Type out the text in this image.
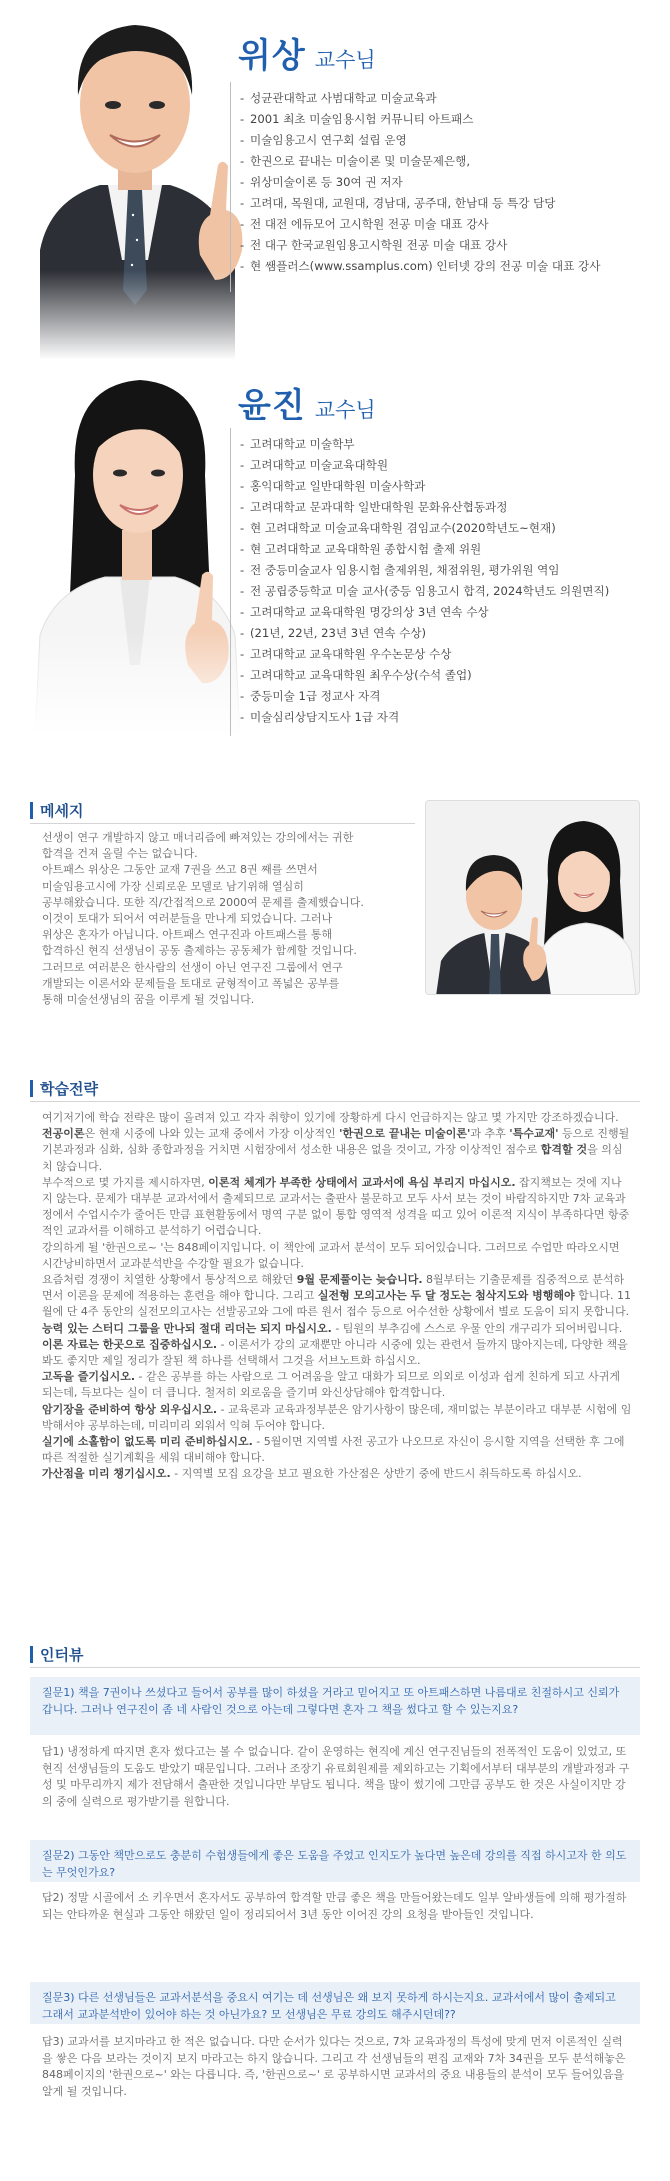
위상 교수님
- 성균관대학교 사범대학교 미술교육과
- 2001 최초 미술임용시험 커뮤니티 아트패스
- 미술임용고시 연구회 설립 운영
- 한권으로 끝내는 미술이론 및 미술문제은행,
- 위상미술이론 등 30여 권 저자
- 고려대, 목원대, 교원대, 경남대, 공주대, 한남대 등 특강 담당
- 전 대전 에듀모어 고시학원 전공 미술 대표 강사
- 전 대구 한국교원임용고시학원 전공 미술 대표 강사
- 현 쌤플러스(www.ssamplus.com) 인터넷 강의 전공 미술 대표 강사
윤진 교수님
- 고려대학교 미술학부
- 고려대학교 미술교육대학원
- 홍익대학교 일반대학원 미술사학과
- 고려대학교 문과대학 일반대학원 문화유산협동과정
- 현 고려대학교 미술교육대학원 겸임교수(2020학년도~현재)
- 현 고려대학교 교육대학원 종합시험 출제 위원
- 전 중등미술교사 임용시험 출제위원, 채점위원, 평가위원 역임
- 전 공립중등학교 미술 교사(중등 임용고시 합격, 2024학년도 의원면직)
- 고려대학교 교육대학원 명강의상 3년 연속 수상
- (21년, 22년, 23년 3년 연속 수상)
- 고려대학교 교육대학원 우수논문상 수상
- 고려대학교 교육대학원 최우수상(수석 졸업)
- 중등미술 1급 정교사 자격
- 미술심리상담지도사 1급 자격
메세지

선생이 연구 개발하지 않고 매너리즘에 빠져있는 강의에서는 귀한

합격을 건져 올릴 수는 없습니다.

아트패스 위상은 그동안 교재 7권을 쓰고 8권 째를 쓰면서

미술임용고시에 가장 신뢰로운 모델로 남기위해 열심히

공부해왔습니다. 또한 직/간접적으로 2000여 문제를 출제했습니다.

이것이 토대가 되어서 여러분들을 만나게 되었습니다. 그러나

위상은 혼자가 아닙니다. 아트패스 연구진과 아트패스를 통해

합격하신 현직 선생님이 공동 출제하는 공동체가 함께할 것입니다.

그러므로 여러분은 한사람의 선생이 아닌 연구진 그룹에서 연구

개발되는 이론서와 문제들을 토대로 균형적이고 폭넓은 공부를

통해 미술선생님의 꿈을 이루게 될 것입니다.

학습전략

여기저기에 학습 전략은 많이 올려져 있고 각자 취향이 있기에 장황하게 다시 언급하지는 않고 몇 가지만 강조하겠습니다.

전공이론은 현재 시중에 나와 있는 교재 중에서 가장 이상적인 '한권으로 끝내는 미술이론'과 추후 '특수교재' 등으로 진행될 기본과정과 심화, 심화 종합과정을 거치면 시험장에서 성소한 내용은 없을 것이고, 가장 이상적인 점수로 합격할 것을 의심치 않습니다.

부수적으로 몇 가지를 제시하자면, 이론적 체계가 부족한 상태에서 교과서에 욕심 부리지 마십시오. 잡지책보는 것에 지나지 않는다. 문제가 대부분 교과서에서 출제되므로 교과서는 출판사 불문하고 모두 사서 보는 것이 바람직하지만 7차 교육과정에서 수업시수가 줄어든 만큼 표현활동에서 명역 구분 없이 통합 영역적 성격을 띠고 있어 이론적 지식이 부족하다면 항중적인 교과서를 이해하고 분석하기 어렵습니다.

강의하게 될 '한권으로~ '는 848페이지입니다. 이 책안에 교과서 분석이 모두 되어있습니다. 그러므로 수업만 따라오시면 시간낭비하면서 교과분석반을 수강할 필요가 없습니다.

요즘처럼 경쟁이 치열한 상황에서 통상적으로 해왔던 9월 문제풀이는 늦습니다. 8월부터는 기출문제를 집중적으로 분석하면서 이론을 문제에 적용하는 훈련을 해야 합니다. 그리고 실전형 모의고사는 두 달 정도는 첨삭지도와 병행해야 합니다. 11월에 단 4주 동안의 실전모의고사는 선발공고와 그에 따른 원서 접수 등으로 어수선한 상황에서 별로 도움이 되지 못합니다.

능력 있는 스터디 그룹을 만나되 절대 리더는 되지 마십시오. - 팀원의 부추김에 스스로 우물 안의 개구리가 되어버립니다.

이론 자료는 한곳으로 집중하십시오. - 이론서가 강의 교재뿐만 아니라 시중에 있는 관련서 들까지 많아지는데, 다양한 책을 봐도 좋지만 제일 정리가 잘된 책 하나를 선택해서 그것을 서브노트화 하십시오.

고독을 즐기십시오. - 같은 공부를 하는 사람으로 그 어려움을 알고 대화가 되므로 의외로 이성과 쉽게 친하게 되고 사귀게 되는데, 득보다는 실이 더 큽니다. 철저히 외로움을 즐기며 와신상담해야 합격합니다.

암기장을 준비하여 항상 외우십시오. - 교육론과 교육과정부분은 암기사항이 많은데, 재미없는 부분이라고 대부분 시험에 임박해서야 공부하는데, 미리미리 외워서 익혀 두어야 합니다.

실기에 소홀함이 없도록 미리 준비하십시오. - 5월이면 지역별 사전 공고가 나오므로 자신이 응시할 지역을 선택한 후 그에 따른 적절한 실기계획을 세워 대비해야 합니다.

가산점을 미리 챙기십시오. - 지역별 모집 요강을 보고 필요한 가산점은 상반기 중에 반드시 취득하도록 하십시오.

인터뷰
질문1) 책을 7권이나 쓰셨다고 들어서 공부를 많이 하셨을 거라고 믿어지고 또 아트패스하면 나름대로 친절하시고 신뢰가 갑니다. 그러나 연구진이 좀 네 사람인 것으로 아는데 그렇다면 혼자 그 책을 썼다고 할 수 있는지요?
답1) 냉정하게 따지면 혼자 썼다고는 볼 수 없습니다. 같이 운영하는 현직에 계신 연구진님들의 전폭적인 도움이 있었고, 또 현직 선생님들의 도움도 받았기 때문입니다. 그러나 조장기 유료회원제를 제외하고는 기획에서부터 대부분의 개발과정과 구성 및 마무리까지 제가 전담해서 출판한 것입니다만 부담도 됩니다. 책을 많이 썼기에 그만큼 공부도 한 것은 사실이지만 강의 중에 실력으로 평가받기를 원합니다.
질문2) 그동안 책만으로도 충분히 수험생들에게 좋은 도움을 주었고 인지도가 높다면 높은데 강의를 직접 하시고자 한 의도는 무엇인가요?
답2) 정말 시골에서 소 키우면서 혼자서도 공부하여 합격할 만큼 좋은 책을 만들어왔는데도 일부 알바생들에 의해 평가절하 되는 안타까운 현실과 그동안 해왔던 일이 정리되어서 3년 동안 이어진 강의 요청을 받아들인 것입니다.
질문3) 다른 선생님들은 교과서분석을 중요시 여기는 데 선생님은 왜 보지 못하게 하시는지요. 교과서에서 많이 출제되고 그래서 교과분석반이 있어야 하는 것 아닌가요? 모 선생님은 무료 강의도 해주시던데??
답3) 교과서를 보지마라고 한 적은 없습니다. 다만 순서가 있다는 것으로, 7차 교육과정의 특성에 맞게 먼저 이론적인 실력을 쌓은 다음 보라는 것이지 보지 마라고는 하지 않습니다. 그리고 각 선생님들의 편집 교재와 7차 34권을 모두 분석해놓은 848페이지의 '한권으로~' 와는 다릅니다. 즉, '한권으로~' 로 공부하시면 교과서의 중요 내용들의 분석이 모두 들어있음을 알게 될 것입니다.
